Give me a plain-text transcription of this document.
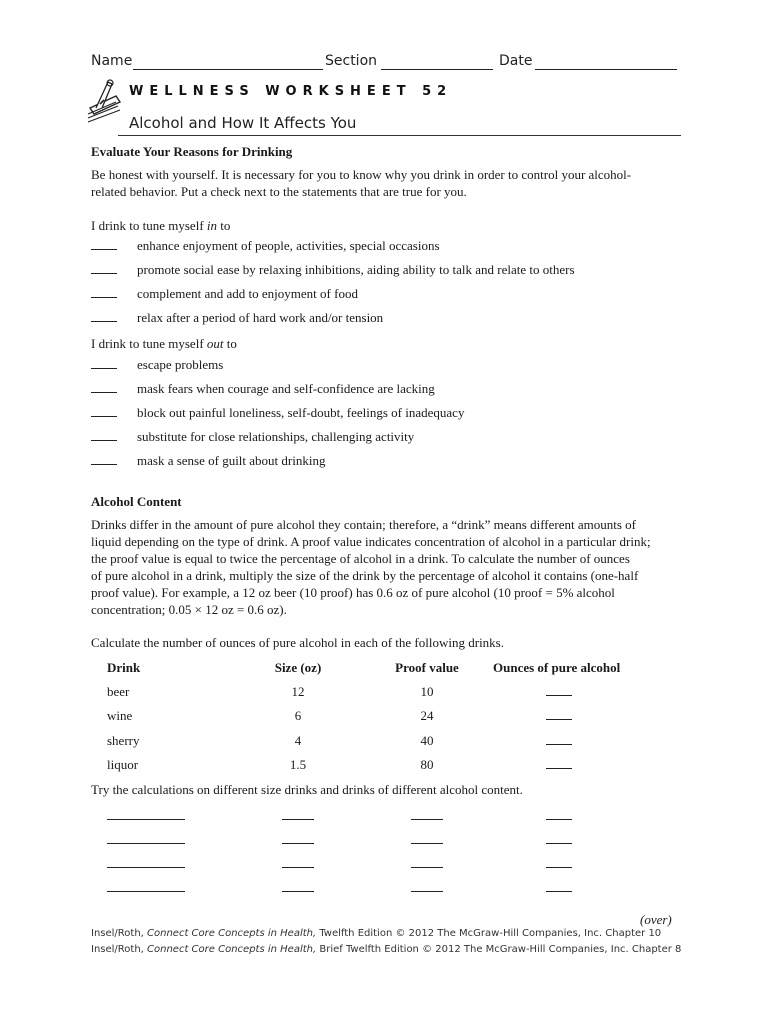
Name	Section	Date
WELLNESS WORKSHEET 52
Alcohol and How It Affects You
Evaluate Your Reasons for Drinking
Be honest with yourself. It is necessary for you to know why you drink in order to control your alcohol-
related behavior. Put a check next to the statements that are true for you.
I drink to tune myself in to
enhance enjoyment of people, activities, special occasions
promote social ease by relaxing inhibitions, aiding ability to talk and relate to others
complement and add to enjoyment of food
relax after a period of hard work and/or tension
I drink to tune myself out to
escape problems
mask fears when courage and self-confidence are lacking
block out painful loneliness, self-doubt, feelings of inadequacy
substitute for close relationships, challenging activity
mask a sense of guilt about drinking
Alcohol Content
Drinks differ in the amount of pure alcohol they contain; therefore, a “drink” means different amounts of
liquid depending on the type of drink. A proof value indicates concentration of alcohol in a particular drink;
the proof value is equal to twice the percentage of alcohol in a drink. To calculate the number of ounces
of pure alcohol in a drink, multiply the size of the drink by the percentage of alcohol it contains (one-half
proof value). For example, a 12 oz beer (10 proof) has 0.6 oz of pure alcohol (10 proof = 5% alcohol
concentration; 0.05 × 12 oz = 0.6 oz).
Calculate the number of ounces of pure alcohol in each of the following drinks.
Drink	Size (oz)	Proof value	Ounces of pure alcohol
beer	12	10
wine	6	24
sherry	4	40
liquor	1.5	80
Try the calculations on different size drinks and drinks of different alcohol content.
(over)
Insel/Roth, Connect Core Concepts in Health, Twelfth Edition © 2012 The McGraw-Hill Companies, Inc. Chapter 10
Insel/Roth, Connect Core Concepts in Health, Brief Twelfth Edition © 2012 The McGraw-Hill Companies, Inc. Chapter 8
